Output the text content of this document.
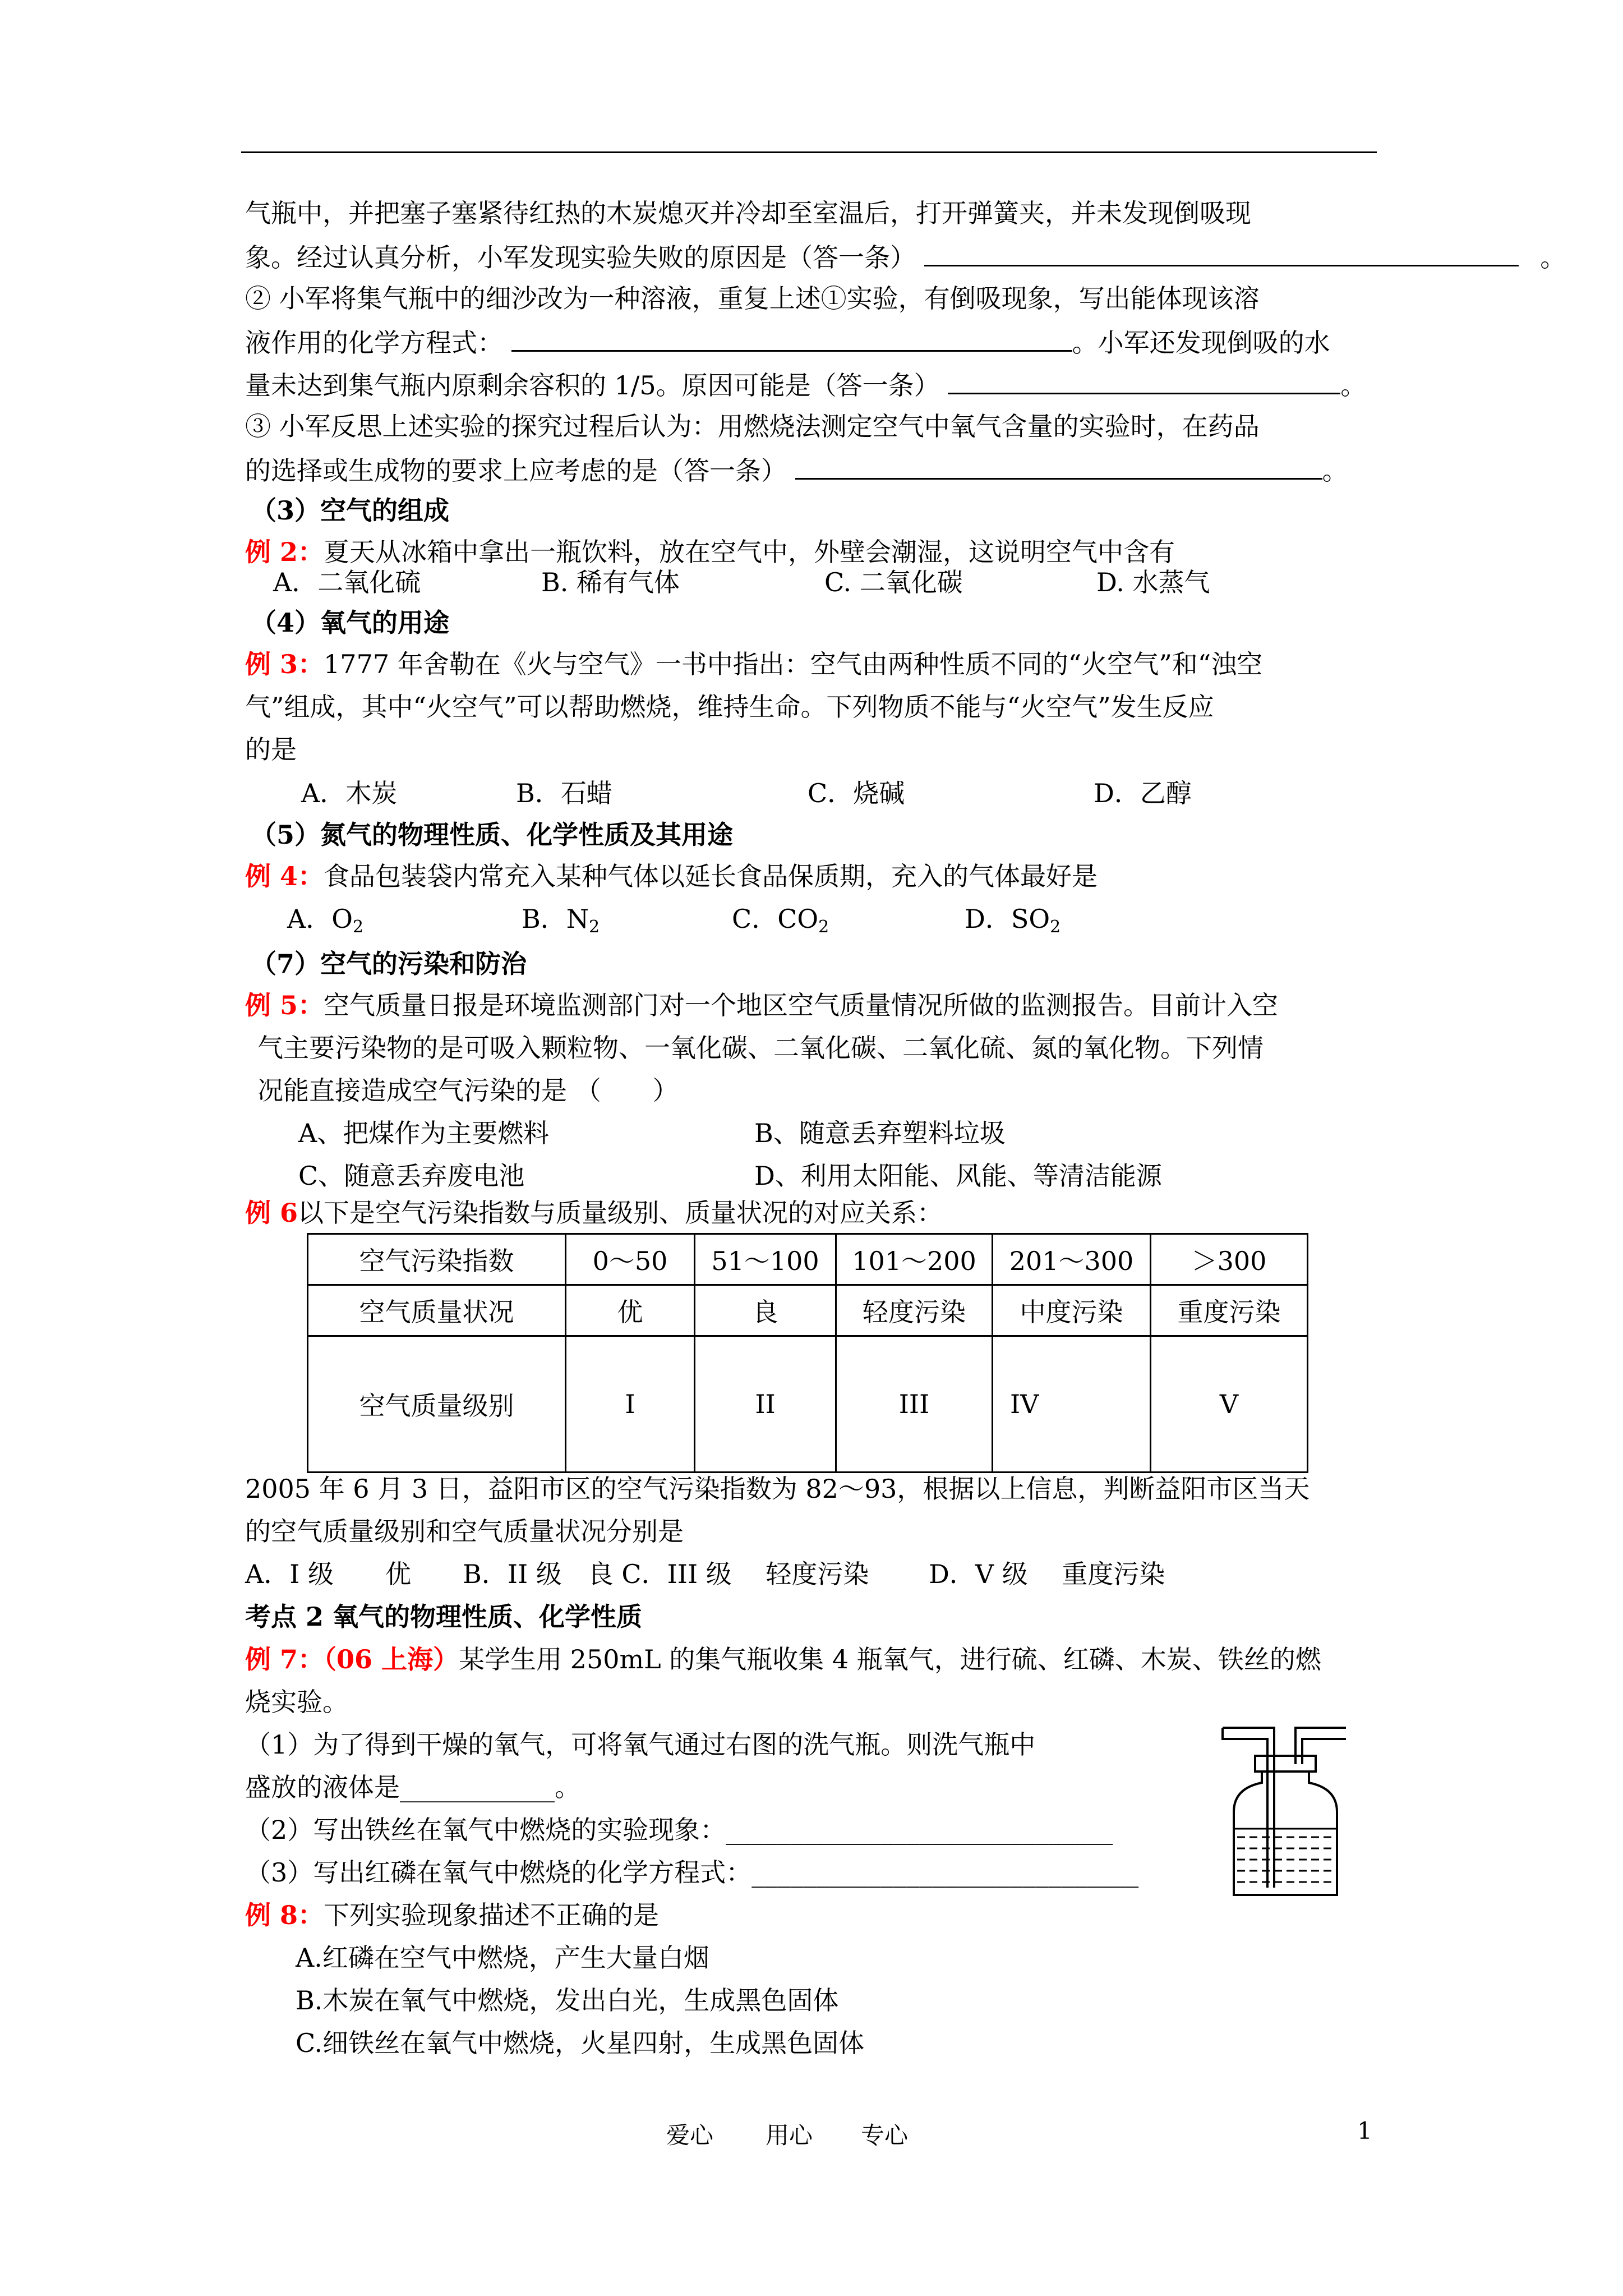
气瓶中，并把塞子塞紧待红热的木炭熄灭并冷却至室温后，打开弹簧夹，并未发现倒吸现
象。经过认真分析，小军发现实验失败的原因是（答一条）	。
② 小军将集气瓶中的细沙改为一种溶液，重复上述①实验，有倒吸现象，写出能体现该溶
液作用的化学方程式：	。小军还发现倒吸的水
量未达到集气瓶内原剩余容积的 1/5。原因可能是（答一条）	。
③ 小军反思上述实验的探究过程后认为：用燃烧法测定空气中氧气含量的实验时，在药品
的选择或生成物的要求上应考虑的是（答一条）	。
（3）空气的组成
例 2：夏天从冰箱中拿出一瓶饮料，放在空气中，外壁会潮湿，这说明空气中含有
A．二氧化硫	B. 稀有气体	C. 二氧化碳	D. 水蒸气
（4）氧气的用途
例 3：1777 年舍勒在《火与空气》一书中指出：空气由两种性质不同的“火空气”和“浊空
气”组成，其中“火空气”可以帮助燃烧，维持生命。下列物质不能与“火空气”发生反应
的是
A．木炭	B．石蜡	C．烧碱	D．乙醇
（5）氮气的物理性质、化学性质及其用途
例 4：食品包装袋内常充入某种气体以延长食品保质期，充入的气体最好是
A．$O_2$	B．$N_2$	C．$CO_2$	D．$SO_2$
（7）空气的污染和防治
例 5：空气质量日报是环境监测部门对一个地区空气质量情况所做的监测报告。目前计入空
气主要污染物的是可吸入颗粒物、一氧化碳、二氧化碳、二氧化硫、氮的氧化物。下列情
况能直接造成空气污染的是 （　　）
A、把煤作为主要燃料	B、随意丢弃塑料垃圾
C、随意丢弃废电池	D、利用太阳能、风能、等清洁能源
例 6以下是空气污染指数与质量级别、质量状况的对应关系：
空气污染指数	0～50	51～100	101～200	201～300	＞300
空气质量状况	优	良	轻度污染	中度污染	重度污染
空气质量级别	I	II	III	IV	V
2005 年 6 月 3 日，益阳市区的空气污染指数为 82～93，根据以上信息，判断益阳市区当天
的空气质量级别和空气质量状况分别是
A．I 级　　优　　B．II 级　良 C．III 级　 轻度污染　　 D．V 级　 重度污染
考点 2 氧气的物理性质、化学性质
例 7：（06 上海）某学生用 250mL 的集气瓶收集 4 瓶氧气，进行硫、红磷、木炭、铁丝的燃
烧实验。
（1）为了得到干燥的氧气，可将氧气通过右图的洗气瓶。则洗气瓶中
盛放的液体是____________。
（2）写出铁丝在氧气中燃烧的实验现象：______________________________
（3）写出红磷在氧气中燃烧的化学方程式：______________________________
例 8：下列实验现象描述不正确的是
A.红磷在空气中燃烧，产生大量白烟
B.木炭在氧气中燃烧，发出白光，生成黑色固体
C.细铁丝在氧气中燃烧，火星四射，生成黑色固体
爱心 用心 专心	1
